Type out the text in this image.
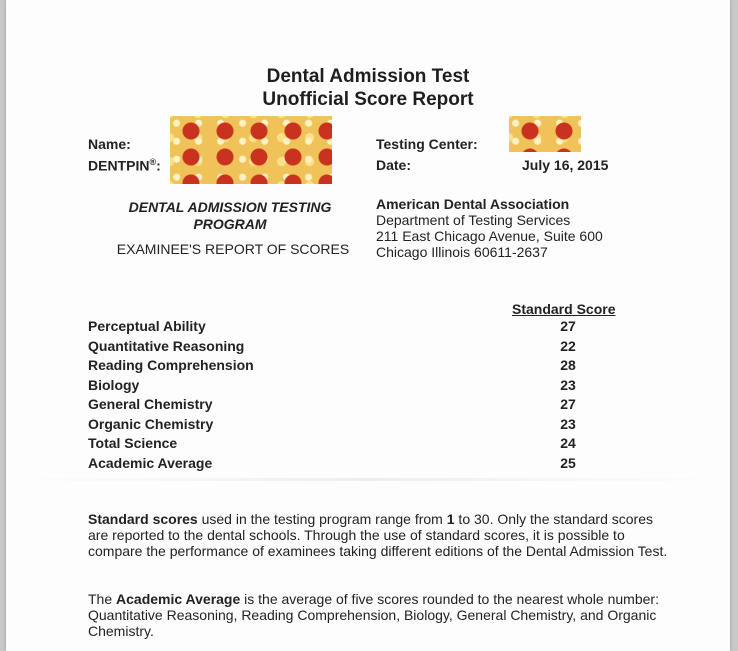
Dental Admission Test
Unofficial Score Report
Name:
DENTPIN®:
Testing Center:
Date:	July 16, 2015
DENTAL ADMISSION TESTING
PROGRAM
EXAMINEE'S REPORT OF SCORES
American Dental Association
Department of Testing Services
211 East Chicago Avenue, Suite 600
Chicago Illinois 60611-2637
Standard Score
Perceptual Ability	27
Quantitative Reasoning	22
Reading Comprehension	28
Biology	23
General Chemistry	27
Organic Chemistry	23
Total Science	24
Academic Average	25
Standard scores used in the testing program range from 1 to 30. Only the standard scores are reported to the dental schools. Through the use of standard scores, it is possible to compare the performance of examinees taking different editions of the Dental Admission Test.
The Academic Average is the average of five scores rounded to the nearest whole number: Quantitative Reasoning, Reading Comprehension, Biology, General Chemistry, and Organic Chemistry.
